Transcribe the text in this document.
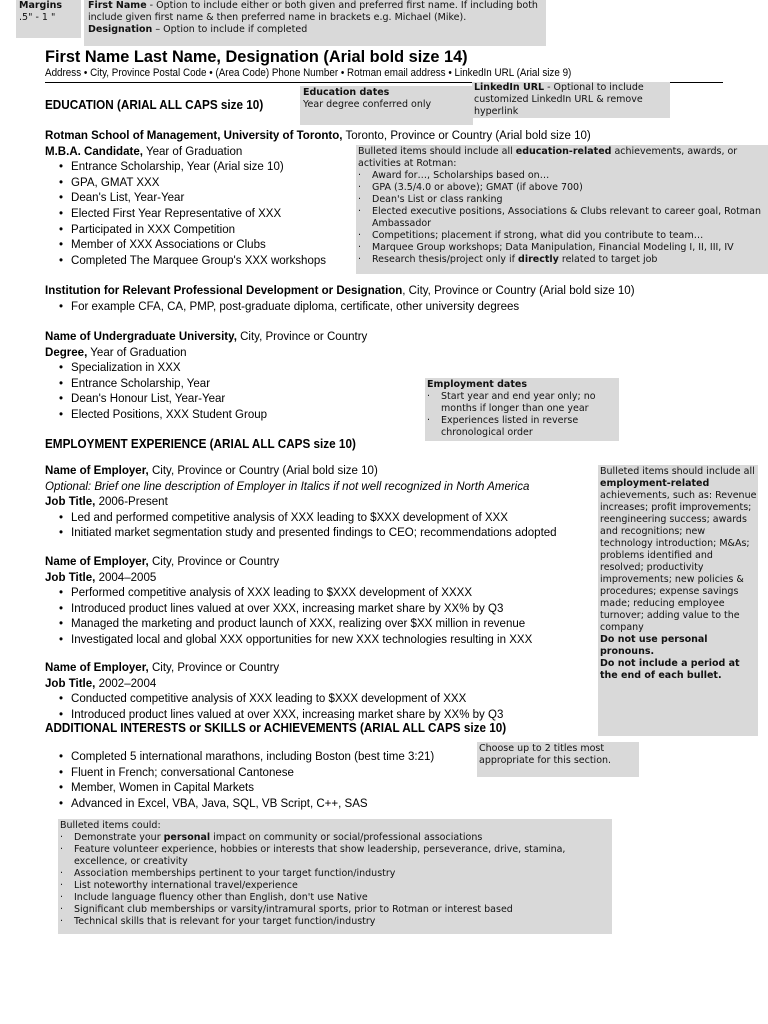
Margins
.5" - 1 "
First Name - Option to include either or both given and preferred first name. If including both include given first name & then preferred name in brackets e.g. Michael (Mike).
Designation – Option to include if completed
First Name Last Name, Designation (Arial bold size 14)
Address • City, Province Postal Code • (Area Code) Phone Number • Rotman email address • LinkedIn URL (Arial size 9)
Education dates
Year degree conferred only
LinkedIn URL - Optional to include customized LinkedIn URL & remove hyperlink
Bulleted items should include all education-related achievements, awards, or activities at Rotman:
· Award for…, Scholarships based on…
· GPA (3.5/4.0 or above); GMAT (if above 700)
· Dean's List or class ranking
· Elected executive positions, Associations & Clubs relevant to career goal, Rotman Ambassador
· Competitions; placement if strong, what did you contribute to team…
· Marquee Group workshops; Data Manipulation, Financial Modeling I, II, III, IV
· Research thesis/project only if directly related to target job
Employment dates
· Start year and end year only; no months if longer than one year
· Experiences listed in reverse chronological order
Bulleted items should include all employment-related achievements, such as: Revenue increases; profit improvements; reengineering success; awards and recognitions; new technology introduction; M&As; problems identified and resolved; productivity improvements; new policies & procedures; expense savings made; reducing employee turnover; adding value to the company
Do not use personal pronouns.
Do not include a period at the end of each bullet.
Choose up to 2 titles most appropriate for this section.
Bulleted items could:
· Demonstrate your personal impact on community or social/professional associations
· Feature volunteer experience, hobbies or interests that show leadership, perseverance, drive, stamina, excellence, or creativity
· Association memberships pertinent to your target function/industry
· List noteworthy international travel/experience
· Include language fluency other than English, don't use Native
· Significant club memberships or varsity/intramural sports, prior to Rotman or interest based
· Technical skills that is relevant for your target function/industry
EDUCATION (ARIAL ALL CAPS size 10)
Rotman School of Management, University of Toronto, Toronto, Province or Country (Arial bold size 10)
M.B.A. Candidate, Year of Graduation
• Entrance Scholarship, Year (Arial size 10)
• GPA, GMAT XXX
• Dean's List, Year-Year
• Elected First Year Representative of XXX
• Participated in XXX Competition
• Member of XXX Associations or Clubs
• Completed The Marquee Group's XXX workshops
Institution for Relevant Professional Development or Designation, City, Province or Country (Arial bold size 10)
• For example CFA, CA, PMP, post-graduate diploma, certificate, other university degrees
Name of Undergraduate University, City, Province or Country
Degree, Year of Graduation
• Specialization in XXX
• Entrance Scholarship, Year
• Dean's Honour List, Year-Year
• Elected Positions, XXX Student Group
EMPLOYMENT EXPERIENCE (ARIAL ALL CAPS size 10)
Name of Employer, City, Province or Country (Arial bold size 10)
Optional: Brief one line description of Employer in Italics if not well recognized in North America
Job Title, 2006-Present
• Led and performed competitive analysis of XXX leading to $XXX development of XXX
• Initiated market segmentation study and presented findings to CEO; recommendations adopted
Name of Employer, City, Province or Country
Job Title, 2004–2005
• Performed competitive analysis of XXX leading to $XXX development of XXXX
• Introduced product lines valued at over XXX, increasing market share by XX% by Q3
• Managed the marketing and product launch of XXX, realizing over $XX million in revenue
• Investigated local and global XXX opportunities for new XXX technologies resulting in XXX
Name of Employer, City, Province or Country
Job Title, 2002–2004
• Conducted competitive analysis of XXX leading to $XXX development of XXX
• Introduced product lines valued at over XXX, increasing market share by XX% by Q3
ADDITIONAL INTERESTS or SKILLS or ACHIEVEMENTS (ARIAL ALL CAPS size 10)
• Completed 5 international marathons, including Boston (best time 3:21)
• Fluent in French; conversational Cantonese
• Member, Women in Capital Markets
• Advanced in Excel, VBA, Java, SQL, VB Script, C++, SAS
